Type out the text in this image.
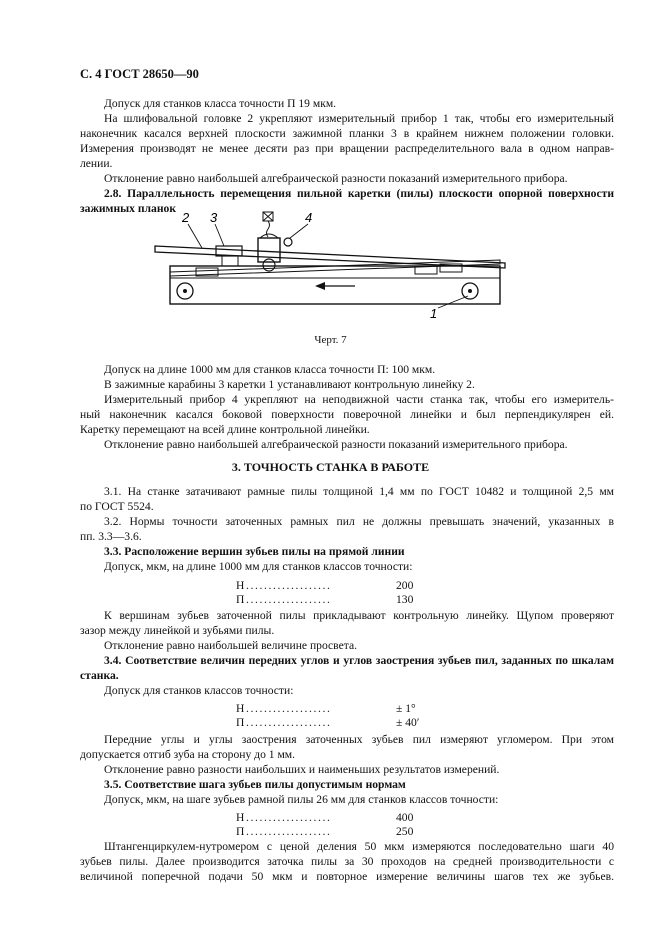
С. 4 ГОСТ 28650—90

Допуск для станков класса точности П 19 мкм.

На шлифовальной головке 2 укрепляют измерительный прибор 1 так, чтобы его измерительный

наконечник касался верхней плоскости зажимной планки 3 в крайнем нижнем положении головки.

Измерения производят не менее десяти раз при вращении распределительного вала в одном направ-

лении.

Отклонение равно наибольшей алгебраической разности показаний измерительного прибора.

2.8. Параллельность перемещения пильной каретки (пилы) плоскости опорной поверхности

зажимных планок

2 3	4
1
Черт. 7

Допуск на длине 1000 мм для станков класса точности П: 100 мкм.

В зажимные карабины 3 каретки 1 устанавливают контрольную линейку 2.

Измерительный прибор 4 укрепляют на неподвижной части станка так, чтобы его измеритель-

ный наконечник касался боковой поверхности поверочной линейки и был перпендикулярен ей.

Каретку перемещают на всей длине контрольной линейки.

Отклонение равно наибольшей алгебраической разности показаний измерительного прибора.

3. ТОЧНОСТЬ СТАНКА В РАБОТЕ

3.1. На станке затачивают рамные пилы толщиной 1,4 мм по ГОСТ 10482 и толщиной 2,5 мм

по ГОСТ 5524.

3.2. Нормы точности заточенных рамных пил не должны превышать значений, указанных в

пп. 3.3—3.6.

3.3. Расположение вершин зубьев пилы на прямой линии

Допуск, мкм, на длине 1000 мм для станков классов точности:

Н ...................	200
П ...................	130

К вершинам зубьев заточенной пилы прикладывают контрольную линейку. Щупом проверяют

зазор между линейкой и зубьями пилы.

Отклонение равно наибольшей величине просвета.

3.4. Соответствие величин передних углов и углов заострения зубьев пил, заданных по шкалам

станка.

Допуск для станков классов точности:

Н ...................	± 1°
П ...................	± 40′

Передние углы и углы заострения заточенных зубьев пил измеряют угломером. При этом

допускается отгиб зуба на сторону до 1 мм.

Отклонение равно разности наибольших и наименьших результатов измерений.

3.5. Соответствие шага зубьев пилы допустимым нормам

Допуск, мкм, на шаге зубьев рамной пилы 26 мм для станков классов точности:

Н ...................	400
П ...................	250

Штангенциркулем-нутромером с ценой деления 50 мкм измеряются последовательно шаги 40

зубьев пилы. Далее производится заточка пилы за 30 проходов на средней производительности с

величиной поперечной подачи 50 мкм и повторное измерение величины шагов тех же зубьев.
